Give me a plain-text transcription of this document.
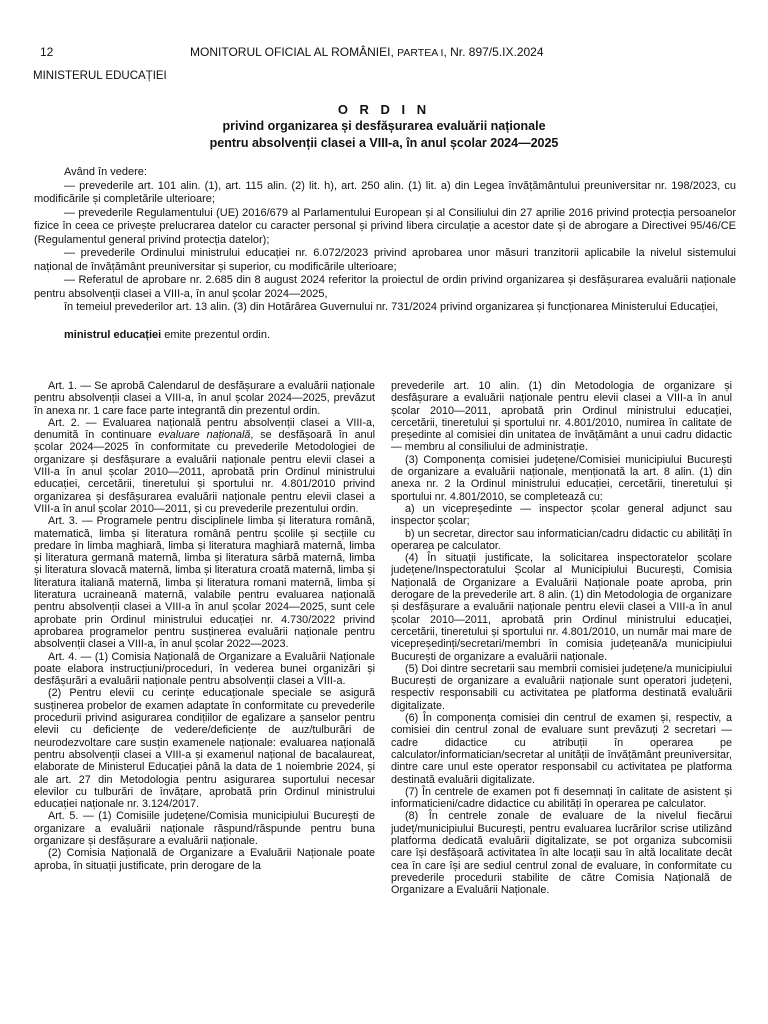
12	MONITORUL OFICIAL AL ROMÂNIEI, PARTEA I, Nr. 897/5.IX.2024
MINISTERUL EDUCAȚIEI
O R D I N
privind organizarea și desfășurarea evaluării naționale
pentru absolvenții clasei a VIII-a, în anul școlar 2024—2025

Având în vedere:

— prevederile art. 101 alin. (1), art. 115 alin. (2) lit. h), art. 250 alin. (1) lit. a) din Legea învățământului preuniversitar nr. 198/2023, cu modificările și completările ulterioare;

— prevederile Regulamentului (UE) 2016/679 al Parlamentului European și al Consiliului din 27 aprilie 2016 privind protecția persoanelor fizice în ceea ce privește prelucrarea datelor cu caracter personal și privind libera circulație a acestor date și de abrogare a Directivei 95/46/CE (Regulamentul general privind protecția datelor);

— prevederile Ordinului ministrului educației nr. 6.072/2023 privind aprobarea unor măsuri tranzitorii aplicabile la nivelul sistemului național de învățământ preuniversitar și superior, cu modificările ulterioare;

— Referatul de aprobare nr. 2.685 din 8 august 2024 referitor la proiectul de ordin privind organizarea și desfășurarea evaluării naționale pentru absolvenții clasei a VIII-a, în anul școlar 2024—2025,

în temeiul prevederilor art. 13 alin. (3) din Hotărârea Guvernului nr. 731/2024 privind organizarea și funcționarea Ministerului Educației,

ministrul educației emite prezentul ordin.

Art. 1. — Se aprobă Calendarul de desfășurare a evaluării naționale pentru absolvenții clasei a VIII-a, în anul școlar 2024—2025, prevăzut în anexa nr. 1 care face parte integrantă din prezentul ordin.

Art. 2. — Evaluarea națională pentru absolvenții clasei a VIII-a, denumită în continuare evaluare națională, se desfășoară în anul școlar 2024—2025 în conformitate cu prevederile Metodologiei de organizare și desfășurare a evaluării naționale pentru elevii clasei a VIII-a în anul școlar 2010—2011, aprobată prin Ordinul ministrului educației, cercetării, tineretului și sportului nr. 4.801/2010 privind organizarea și desfășurarea evaluării naționale pentru elevii clasei a VIII-a în anul școlar 2010—2011, și cu prevederile prezentului ordin.

Art. 3. — Programele pentru disciplinele limba și literatura română, matematică, limba și literatura română pentru școlile și secțiile cu predare în limba maghiară, limba și literatura maghiară maternă, limba și literatura germană maternă, limba și literatura sârbă maternă, limba și literatura slovacă maternă, limba și literatura croată maternă, limba și literatura italiană maternă, limba și literatura romani maternă, limba și literatura ucraineană maternă, valabile pentru evaluarea națională pentru absolvenții clasei a VIII-a în anul școlar 2024—2025, sunt cele aprobate prin Ordinul ministrului educației nr. 4.730/2022 privind aprobarea programelor pentru susținerea evaluării naționale pentru absolvenții clasei a VIII-a, în anul școlar 2022—2023.

Art. 4. — (1) Comisia Națională de Organizare a Evaluării Naționale poate elabora instrucțiuni/proceduri, în vederea bunei organizări și desfășurări a evaluării naționale pentru absolvenții clasei a VIII-a.

(2) Pentru elevii cu cerințe educaționale speciale se asigură susținerea probelor de examen adaptate în conformitate cu prevederile procedurii privind asigurarea condițiilor de egalizare a șanselor pentru elevii cu deficiențe de vedere/deficiențe de auz/tulburări de neurodezvoltare care susțin examenele naționale: evaluarea națională pentru absolvenții clasei a VIII-a și examenul național de bacalaureat, elaborate de Ministerul Educației până la data de 1 noiembrie 2024, și ale art. 27 din Metodologia pentru asigurarea suportului necesar elevilor cu tulburări de învățare, aprobată prin Ordinul ministrului educației naționale nr. 3.124/2017.

Art. 5. — (1) Comisiile județene/Comisia municipiului București de organizare a evaluării naționale răspund/răspunde pentru buna organizare și desfășurare a evaluării naționale.

(2) Comisia Națională de Organizare a Evaluării Naționale poate aproba, în situații justificate, prin derogare de la

prevederile art. 10 alin. (1) din Metodologia de organizare și desfășurare a evaluării naționale pentru elevii clasei a VIII-a în anul școlar 2010—2011, aprobată prin Ordinul ministrului educației, cercetării, tineretului și sportului nr. 4.801/2010, numirea în calitate de președinte al comisiei din unitatea de învățământ a unui cadru didactic — membru al consiliului de administrație.

(3) Componența comisiei județene/Comisiei municipiului București de organizare a evaluării naționale, menționată la art. 8 alin. (1) din anexa nr. 2 la Ordinul ministrului educației, cercetării, tineretului și sportului nr. 4.801/2010, se completează cu:

a) un vicepreședinte — inspector școlar general adjunct sau inspector școlar;

b) un secretar, director sau informatician/cadru didactic cu abilități în operarea pe calculator.

(4) În situații justificate, la solicitarea inspectoratelor școlare județene/Inspectoratului Școlar al Municipiului București, Comisia Națională de Organizare a Evaluării Naționale poate aproba, prin derogare de la prevederile art. 8 alin. (1) din Metodologia de organizare și desfășurare a evaluării naționale pentru elevii clasei a VIII-a în anul școlar 2010—2011, aprobată prin Ordinul ministrului educației, cercetării, tineretului și sportului nr. 4.801/2010, un număr mai mare de vicepreședinți/secretari/membri în comisia județeană/a municipiului București de organizare a evaluării naționale.

(5) Doi dintre secretarii sau membrii comisiei județene/a municipiului București de organizare a evaluării naționale sunt operatori județeni, respectiv responsabili cu activitatea pe platforma destinată evaluării digitalizate.

(6) În componența comisiei din centrul de examen și, respectiv, a comisiei din centrul zonal de evaluare sunt prevăzuți 2 secretari — cadre didactice cu atribuții în operarea pe calculator/informatician/secretar al unității de învățământ preuniversitar, dintre care unul este operator responsabil cu activitatea pe platforma destinată evaluării digitalizate.

(7) În centrele de examen pot fi desemnați în calitate de asistent și informaticieni/cadre didactice cu abilități în operarea pe calculator.

(8) În centrele zonale de evaluare de la nivelul fiecărui județ/municipiului București, pentru evaluarea lucrărilor scrise utilizând platforma dedicată evaluării digitalizate, se pot organiza subcomisii care își desfășoară activitatea în alte locații sau în altă localitate decât cea în care își are sediul centrul zonal de evaluare, în conformitate cu prevederile procedurii stabilite de către Comisia Națională de Organizare a Evaluării Naționale.
